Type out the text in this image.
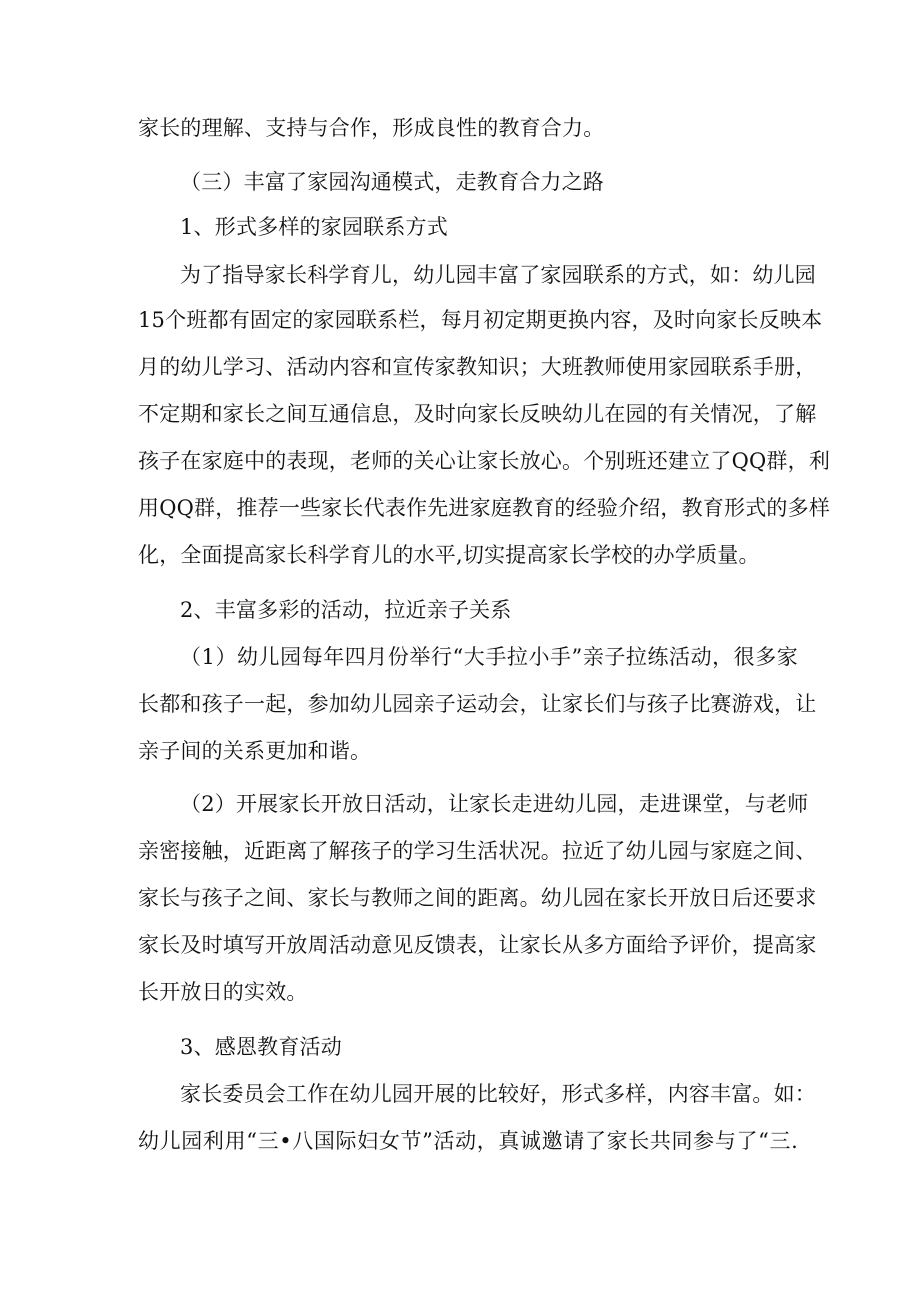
家长的理解、支持与合作，形成良性的教育合力。
（三）丰富了家园沟通模式，走教育合力之路
1、形式多样的家园联系方式
为了指导家长科学育儿，幼儿园丰富了家园联系的方式，如：幼儿园
15个班都有固定的家园联系栏，每月初定期更换内容，及时向家长反映本
月的幼儿学习、活动内容和宣传家教知识；大班教师使用家园联系手册，
不定期和家长之间互通信息，及时向家长反映幼儿在园的有关情况，了解
孩子在家庭中的表现，老师的关心让家长放心。个别班还建立了QQ群，利
用QQ群，推荐一些家长代表作先进家庭教育的经验介绍，教育形式的多样
化，全面提高家长科学育儿的水平,切实提高家长学校的办学质量。
2、丰富多彩的活动，拉近亲子关系
（1）幼儿园每年四月份举行“大手拉小手”亲子拉练活动，很多家
长都和孩子一起，参加幼儿园亲子运动会，让家长们与孩子比赛游戏，让
亲子间的关系更加和谐。
（2）开展家长开放日活动，让家长走进幼儿园，走进课堂，与老师
亲密接触，近距离了解孩子的学习生活状况。拉近了幼儿园与家庭之间、
家长与孩子之间、家长与教师之间的距离。幼儿园在家长开放日后还要求
家长及时填写开放周活动意见反馈表，让家长从多方面给予评价，提高家
长开放日的实效。
3、感恩教育活动
家长委员会工作在幼儿园开展的比较好，形式多样，内容丰富。如：
幼儿园利用“三•八国际妇女节”活动，真诚邀请了家长共同参与了“三.
